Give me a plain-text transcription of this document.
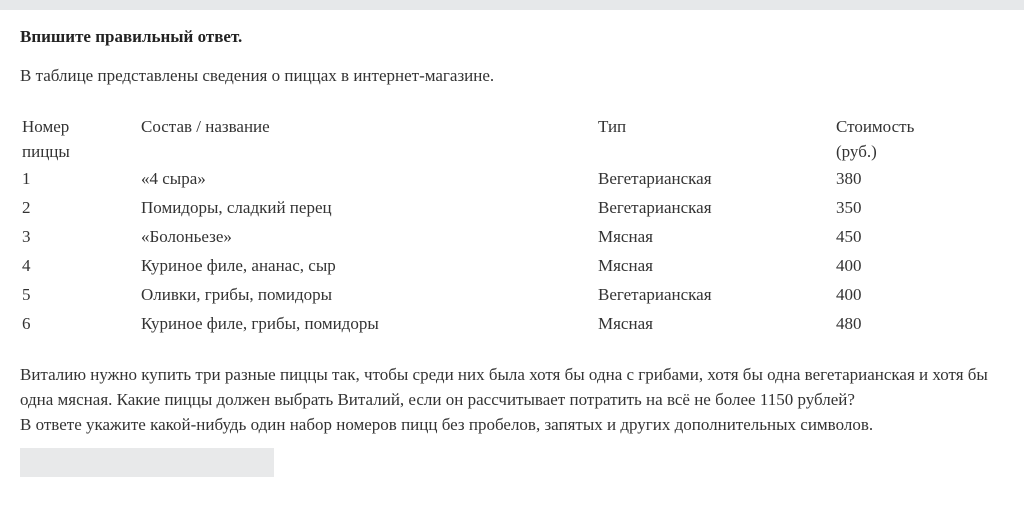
Впишите правильный ответ.

В таблице представлены сведения о пиццах в интернет-магазине.

Номер
пиццы	Состав / название	Тип	Стоимость
(руб.)
1	«4 сыра»	Вегетарианская	380
2	Помидоры, сладкий перец	Вегетарианская	350
3	«Болоньезе»	Мясная	450
4	Куриное филе, ананас, сыр	Мясная	400
5	Оливки, грибы, помидоры	Вегетарианская	400
6	Куриное филе, грибы, помидоры	Мясная	480

Виталию нужно купить три разные пиццы так, чтобы среди них была хотя бы одна с грибами, хотя бы одна вегетарианская и хотя бы одна мясная. Какие пиццы должен выбрать Виталий, если он рассчитывает потратить на всё не более 1150 рублей?
В ответе укажите какой-нибудь один набор номеров пицц без пробелов, запятых и других дополнительных символов.
